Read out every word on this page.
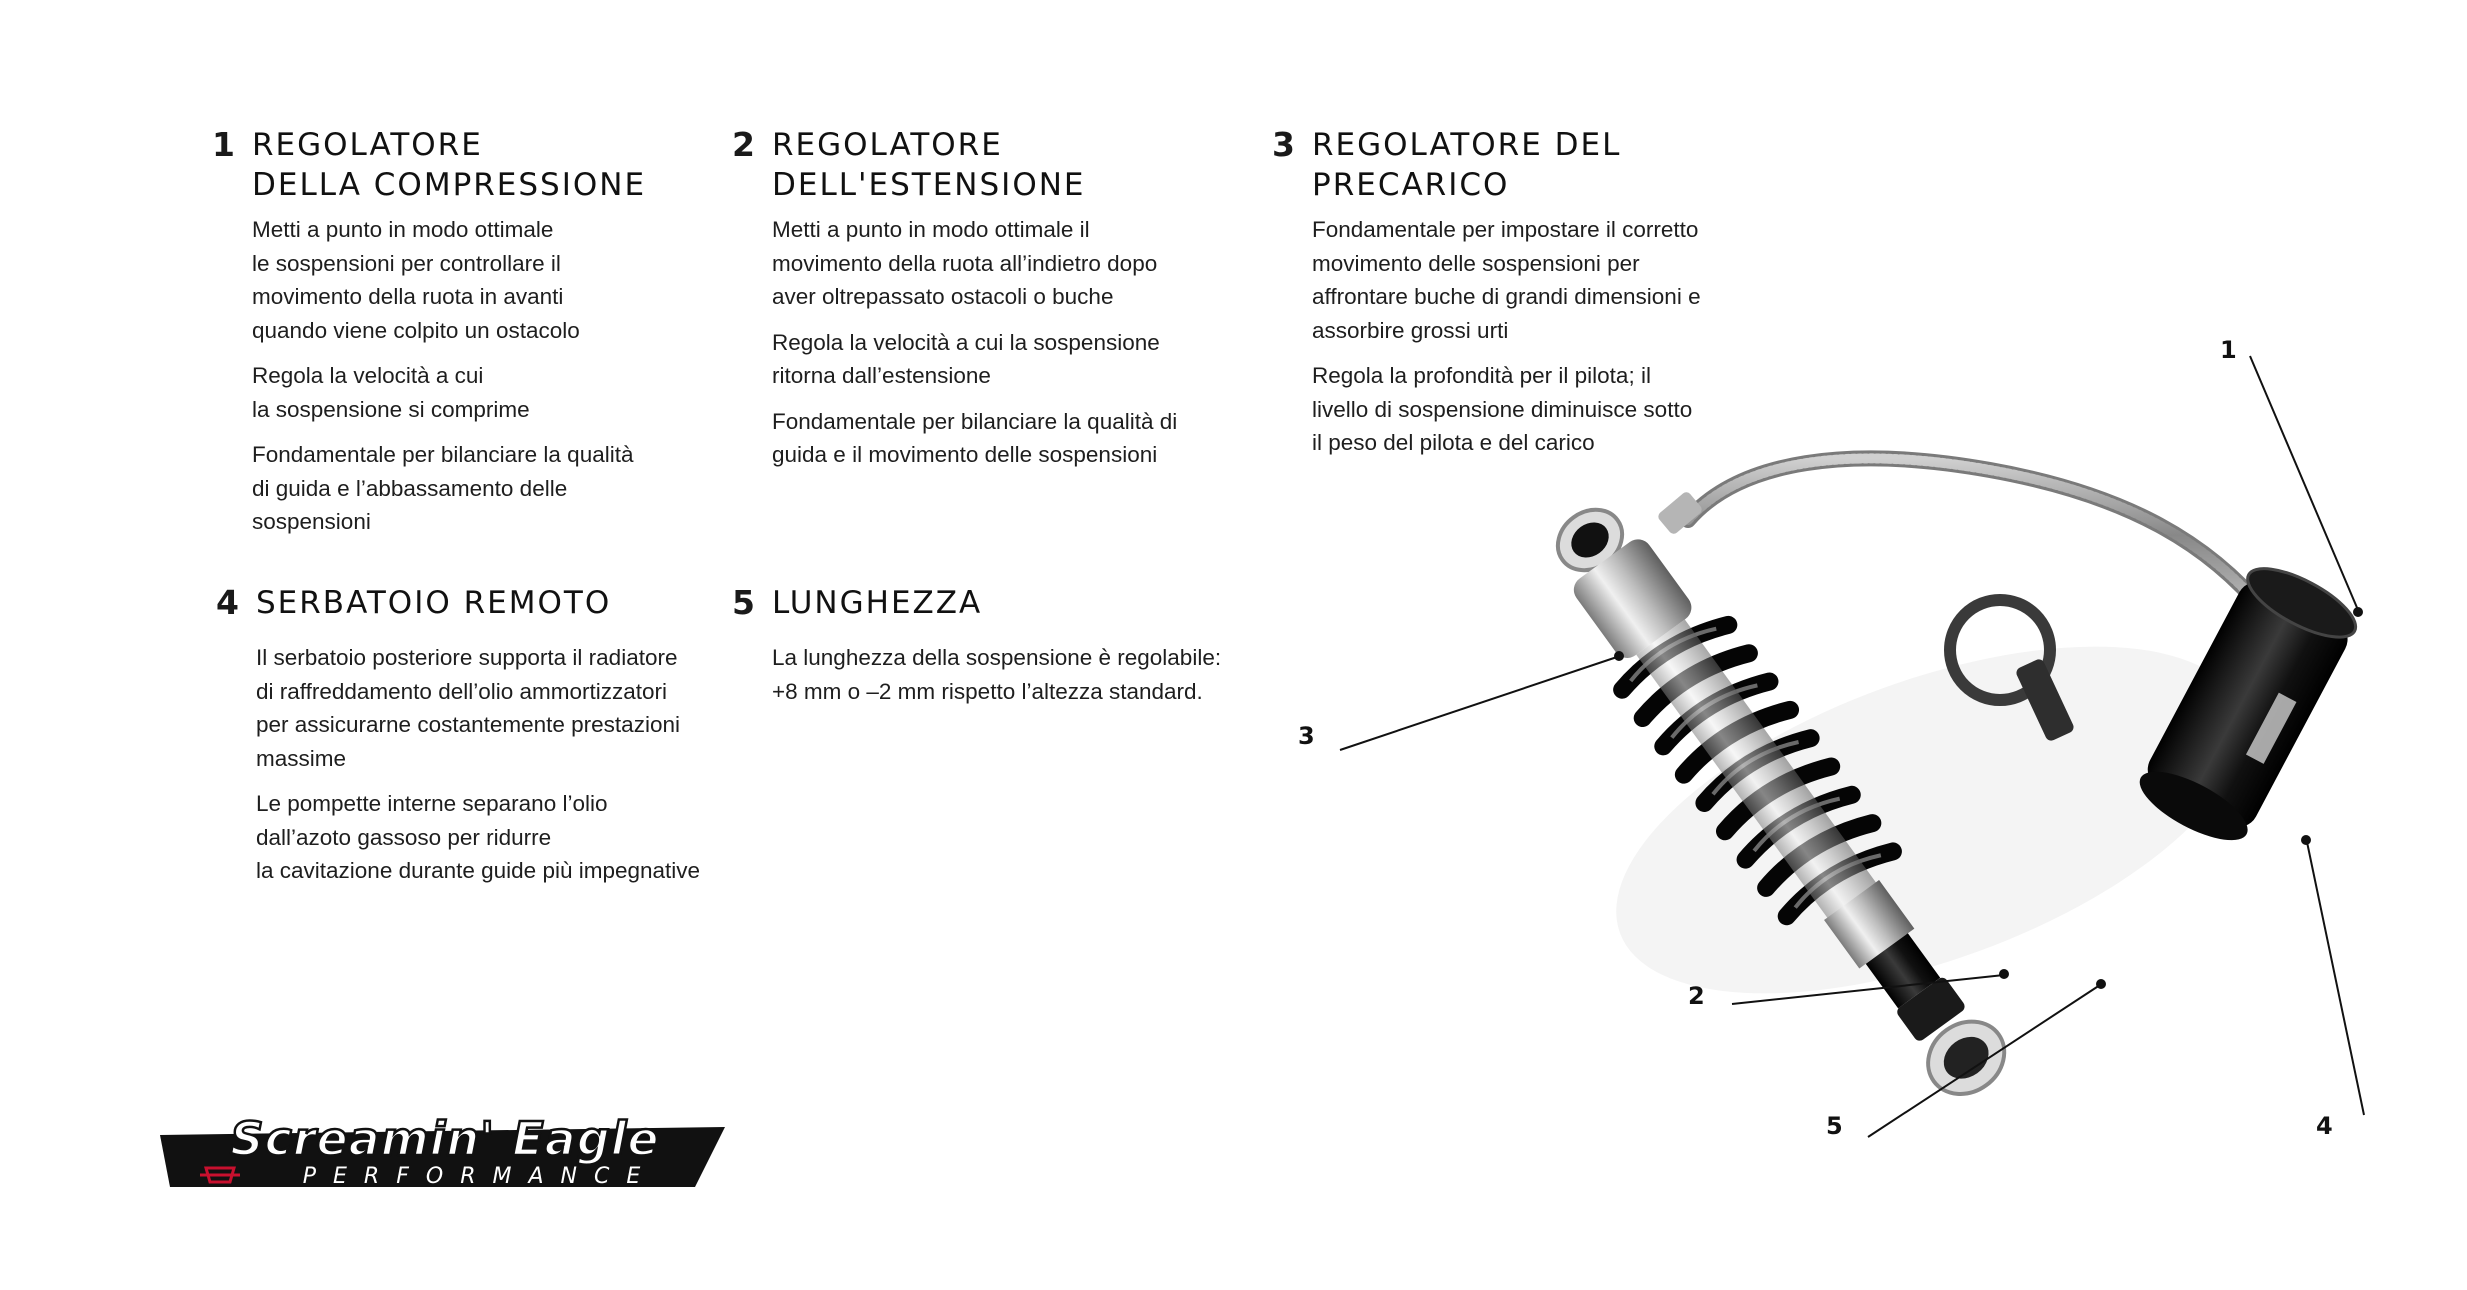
1 REGOLATORE
DELLA COMPRESSIONE

Metti a punto in modo ottimale
le sospensioni per controllare il
movimento della ruota in avanti
quando viene colpito un ostacolo

Regola la velocità a cui
la sospensione si comprime

Fondamentale per bilanciare la qualità
di guida e l’abbassamento delle
sospensioni

2 REGOLATORE
DELL'ESTENSIONE

Metti a punto in modo ottimale il
movimento della ruota all’indietro dopo
aver oltrepassato ostacoli o buche

Regola la velocità a cui la sospensione
ritorna dall’estensione

Fondamentale per bilanciare la qualità di
guida e il movimento delle sospensioni

3 REGOLATORE DEL
PRECARICO

Fondamentale per impostare il corretto
movimento delle sospensioni per
affrontare buche di grandi dimensioni e
assorbire grossi urti

Regola la profondità per il pilota; il
livello di sospensione diminuisce sotto
il peso del pilota e del carico

4 SERBATOIO REMOTO

Il serbatoio posteriore supporta il radiatore
di raffreddamento dell’olio ammortizzatori
per assicurarne costantemente prestazioni
massime

Le pompette interne separano l’olio
dall’azoto gassoso per ridurre
la cavitazione durante guide più impegnative

5 LUNGHEZZA

La lunghezza della sospensione è regolabile:
+8 mm o –2 mm rispetto l’altezza standard.

1
2
3
4
5
Screamin' Eagle
PERFORMANCE
